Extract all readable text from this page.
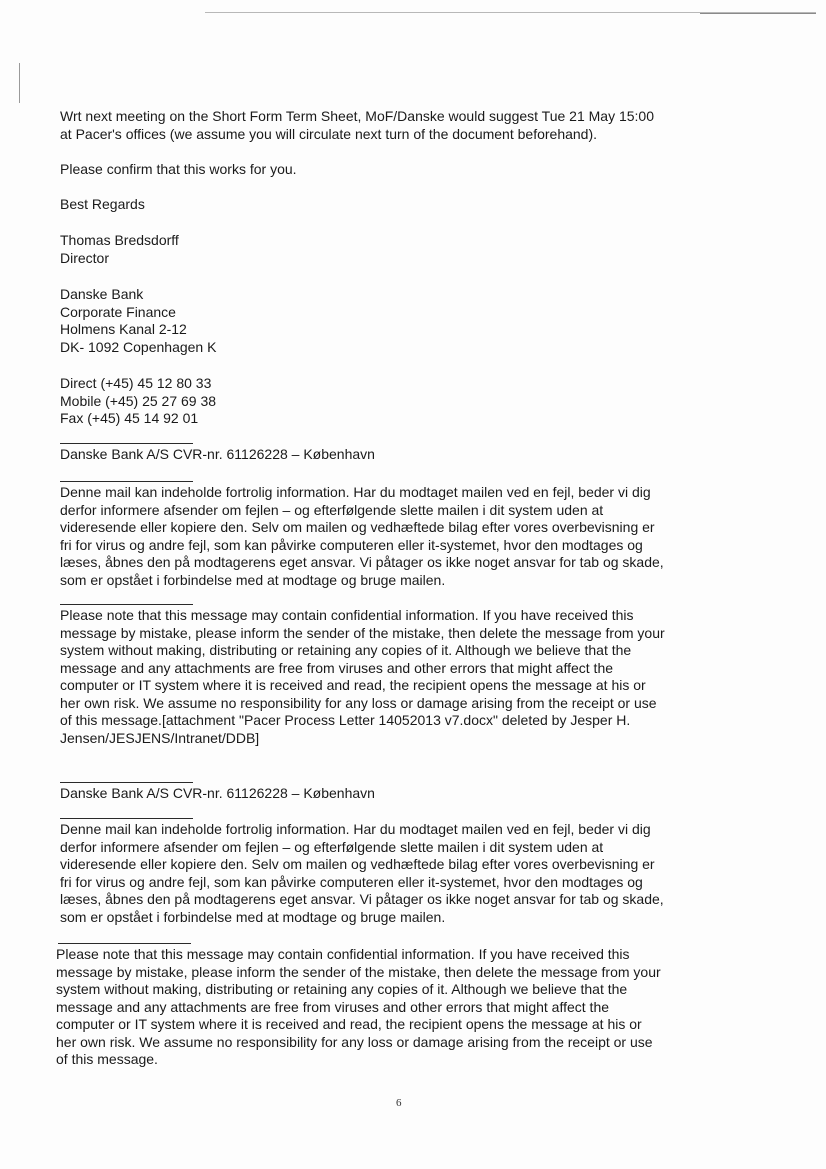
Wrt next meeting on the Short Form Term Sheet, MoF/Danske would suggest Tue 21 May 15:00
at Pacer's offices (we assume you will circulate next turn of the document beforehand).
Please confirm that this works for you.
Best Regards
Thomas Bredsdorff
Director
Danske Bank
Corporate Finance
Holmens Kanal 2-12
DK- 1092 Copenhagen K
Direct (+45) 45 12 80 33
Mobile (+45) 25 27 69 38
Fax (+45) 45 14 92 01
Danske Bank A/S CVR-nr. 61126228 – København
Denne mail kan indeholde fortrolig information. Har du modtaget mailen ved en fejl, beder vi dig
derfor informere afsender om fejlen – og efterfølgende slette mailen i dit system uden at
videresende eller kopiere den. Selv om mailen og vedhæftede bilag efter vores overbevisning er
fri for virus og andre fejl, som kan påvirke computeren eller it-systemet, hvor den modtages og
læses, åbnes den på modtagerens eget ansvar. Vi påtager os ikke noget ansvar for tab og skade,
som er opstået i forbindelse med at modtage og bruge mailen.
Please note that this message may contain confidential information. If you have received this
message by mistake, please inform the sender of the mistake, then delete the message from your
system without making, distributing or retaining any copies of it. Although we believe that the
message and any attachments are free from viruses and other errors that might affect the
computer or IT system where it is received and read, the recipient opens the message at his or
her own risk. We assume no responsibility for any loss or damage arising from the receipt or use
of this message.[attachment "Pacer Process Letter 14052013 v7.docx" deleted by Jesper H.
Jensen/JESJENS/Intranet/DDB]
Danske Bank A/S CVR-nr. 61126228 – København
Denne mail kan indeholde fortrolig information. Har du modtaget mailen ved en fejl, beder vi dig
derfor informere afsender om fejlen – og efterfølgende slette mailen i dit system uden at
videresende eller kopiere den. Selv om mailen og vedhæftede bilag efter vores overbevisning er
fri for virus og andre fejl, som kan påvirke computeren eller it-systemet, hvor den modtages og
læses, åbnes den på modtagerens eget ansvar. Vi påtager os ikke noget ansvar for tab og skade,
som er opstået i forbindelse med at modtage og bruge mailen.
Please note that this message may contain confidential information. If you have received this
message by mistake, please inform the sender of the mistake, then delete the message from your
system without making, distributing or retaining any copies of it. Although we believe that the
message and any attachments are free from viruses and other errors that might affect the
computer or IT system where it is received and read, the recipient opens the message at his or
her own risk. We assume no responsibility for any loss or damage arising from the receipt or use
of this message.
6
